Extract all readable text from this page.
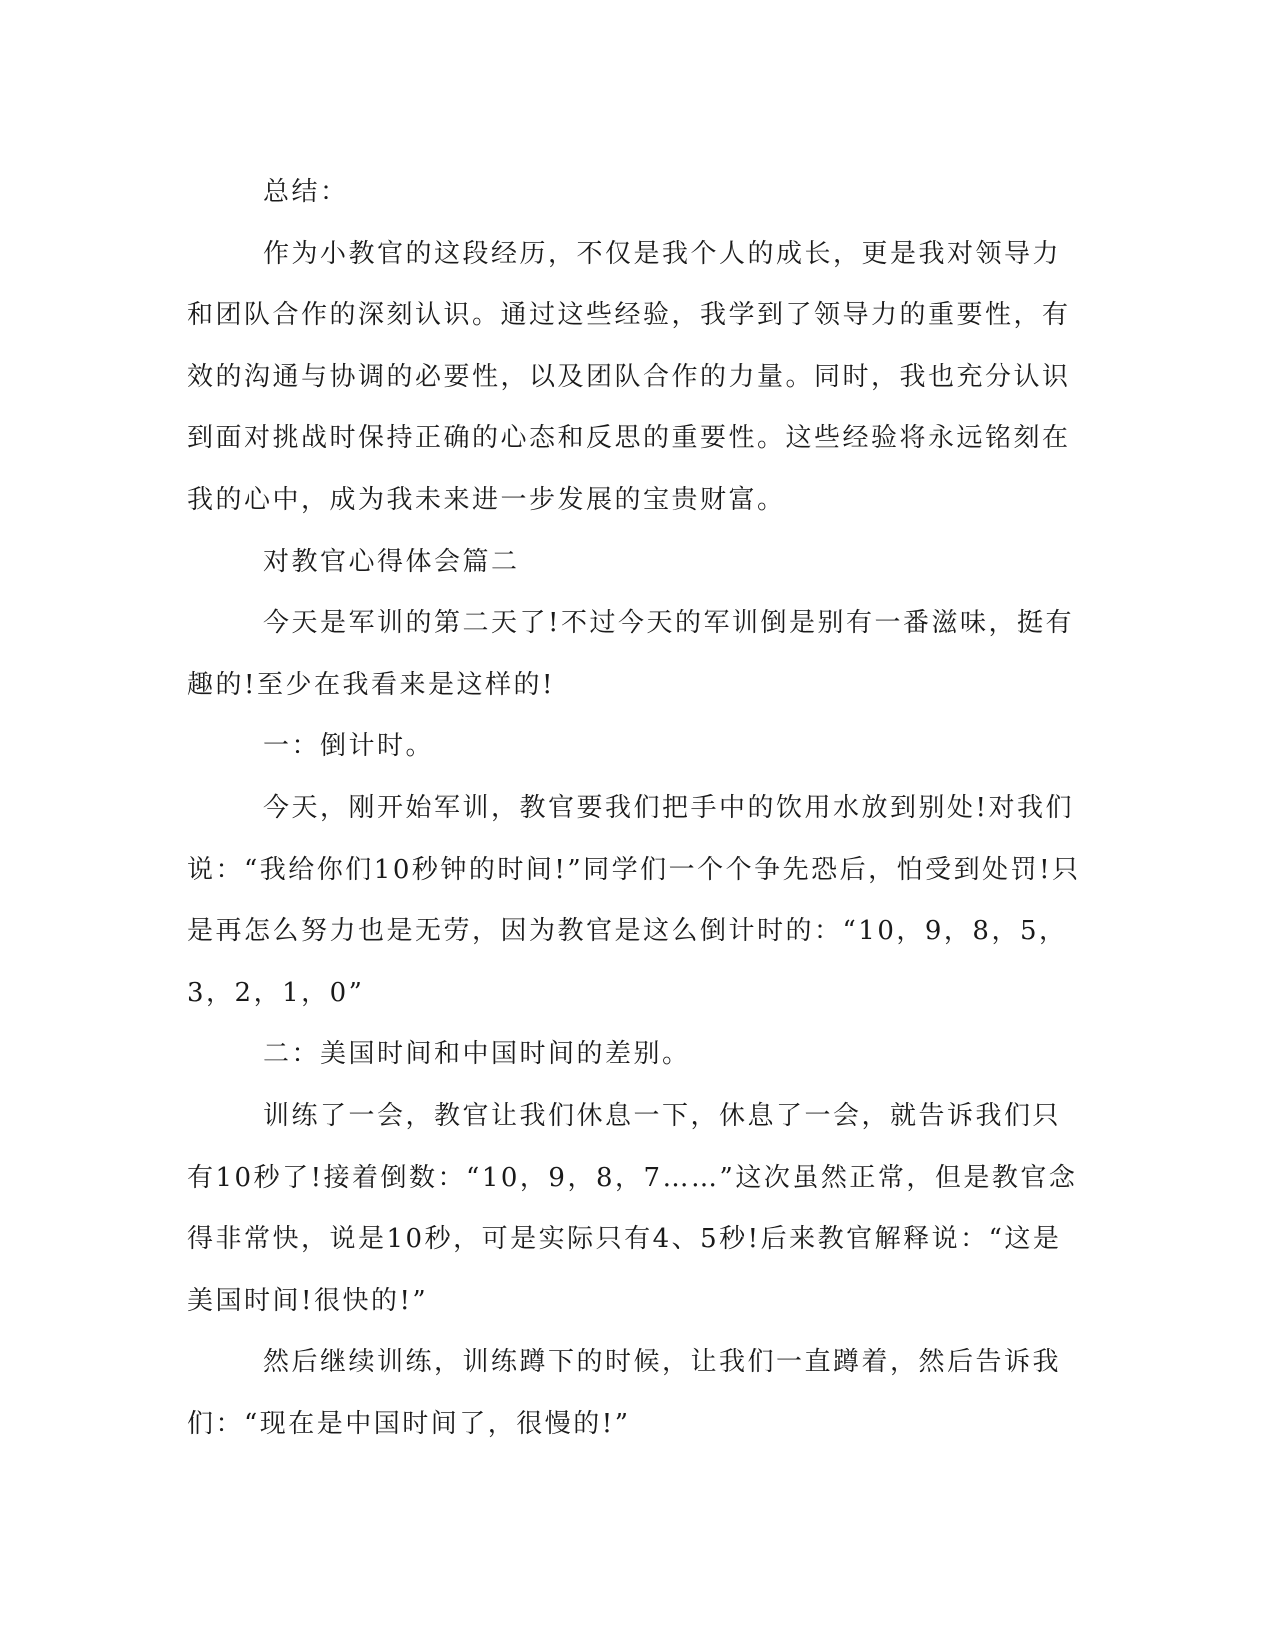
总结：

作为小教官的这段经历，不仅是我个人的成长，更是我对领导力和团队合作的深刻认识。通过这些经验，我学到了领导力的重要性，有效的沟通与协调的必要性，以及团队合作的力量。同时，我也充分认识到面对挑战时保持正确的心态和反思的重要性。这些经验将永远铭刻在我的心中，成为我未来进一步发展的宝贵财富。

对教官心得体会篇二

今天是军训的第二天了!不过今天的军训倒是别有一番滋味，挺有趣的!至少在我看来是这样的!

一：倒计时。

今天，刚开始军训，教官要我们把手中的饮用水放到别处!对我们说：“我给你们10秒钟的时间!”同学们一个个争先恐后，怕受到处罚!只是再怎么努力也是无劳，因为教官是这么倒计时的：“10，9，8，5，3，2，1，0”

二：美国时间和中国时间的差别。

训练了一会，教官让我们休息一下，休息了一会，就告诉我们只有10秒了!接着倒数：“10，9，8，7……”这次虽然正常，但是教官念得非常快，说是10秒，可是实际只有4、5秒!后来教官解释说：“这是美国时间!很快的!”

然后继续训练，训练蹲下的时候，让我们一直蹲着，然后告诉我们：“现在是中国时间了，很慢的!”
